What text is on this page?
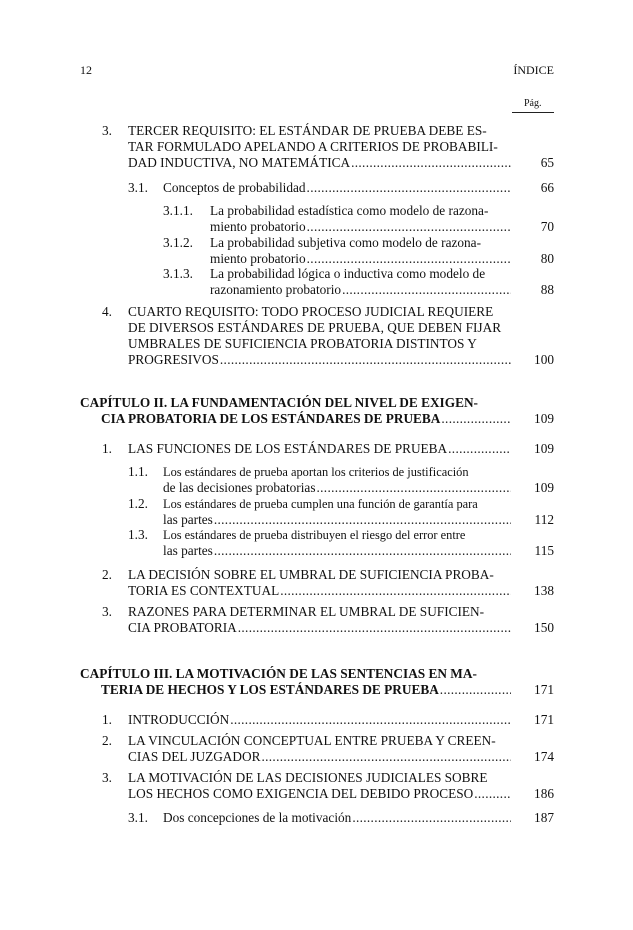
12	ÍNDICE
Pág.
3. TERCER REQUISITO: EL ESTÁNDAR DE PRUEBA DEBE ES-
TAR FORMULADO APELANDO A CRITERIOS DE PROBABILI-
DAD INDUCTIVA, NO MATEMÁTICA . . .	65
3.1. Conceptos de probabilidad . . .	66
3.1.1. La probabilidad estadística como modelo de razona-
miento probatorio . . .	70
3.1.2. La probabilidad subjetiva como modelo de razona-
miento probatorio . . .	80
3.1.3. La probabilidad lógica o inductiva como modelo de
razonamiento probatorio . . .	88
4. CUARTO REQUISITO: TODO PROCESO JUDICIAL REQUIERE
DE DIVERSOS ESTÁNDARES DE PRUEBA, QUE DEBEN FIJAR
UMBRALES DE SUFICIENCIA PROBATORIA DISTINTOS Y
PROGRESIVOS . . .	100
CAPÍTULO II. LA FUNDAMENTACIÓN DEL NIVEL DE EXIGEN-
CIA PROBATORIA DE LOS ESTÁNDARES DE PRUEBA . . .	109
1. LAS FUNCIONES DE LOS ESTÁNDARES DE PRUEBA . . .	109
1.1. Los estándares de prueba aportan los criterios de justificación
de las decisiones probatorias . . .	109
1.2. Los estándares de prueba cumplen una función de garantía para
las partes . . .	112
1.3. Los estándares de prueba distribuyen el riesgo del error entre
las partes . . .	115
2. LA DECISIÓN SOBRE EL UMBRAL DE SUFICIENCIA PROBA-
TORIA ES CONTEXTUAL . . .	138
3. RAZONES PARA DETERMINAR EL UMBRAL DE SUFICIEN-
CIA PROBATORIA . . .	150
CAPÍTULO III. LA MOTIVACIÓN DE LAS SENTENCIAS EN MA-
TERIA DE HECHOS Y LOS ESTÁNDARES DE PRUEBA . . .	171
1. INTRODUCCIÓN . . .	171
2. LA VINCULACIÓN CONCEPTUAL ENTRE PRUEBA Y CREEN-
CIAS DEL JUZGADOR . . .	174
3. LA MOTIVACIÓN DE LAS DECISIONES JUDICIALES SOBRE
LOS HECHOS COMO EXIGENCIA DEL DEBIDO PROCESO . . .	186
3.1. Dos concepciones de la motivación . . .	187
